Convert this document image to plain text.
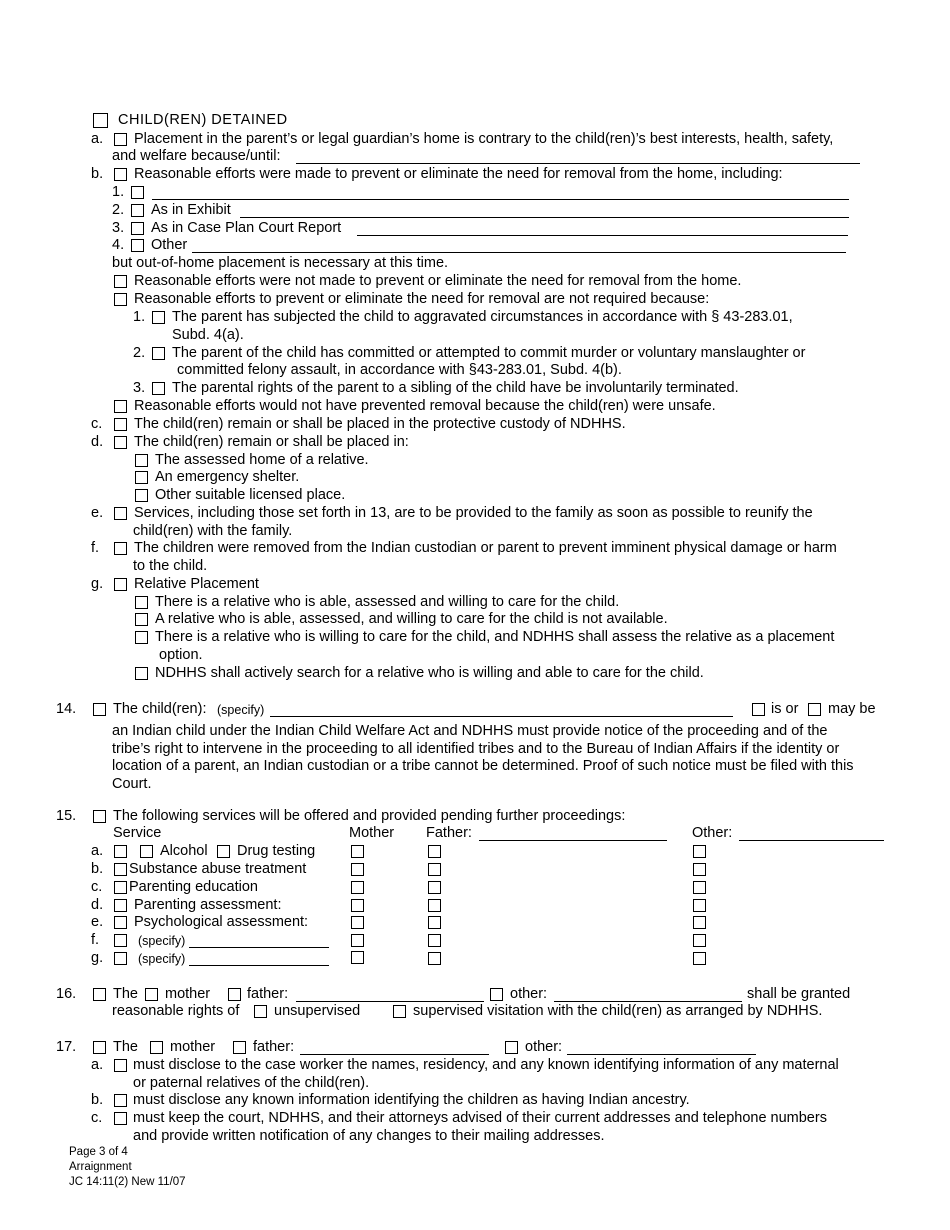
CHILD(REN) DETAINED
a. Placement in the parent’s or legal guardian’s home is contrary to the child(ren)’s best interests, health, safety,
and welfare because/until:
b. Reasonable efforts were made to prevent or eliminate the need for removal from the home, including:
1.
2. As in Exhibit
3. As in Case Plan Court Report
4. Other
but out-of-home placement is necessary at this time.
Reasonable efforts were not made to prevent or eliminate the need for removal from the home.
Reasonable efforts to prevent or eliminate the need for removal are not required because:
1. The parent has subjected the child to aggravated circumstances in accordance with § 43-283.01,
Subd. 4(a).
2. The parent of the child has committed or attempted to commit murder or voluntary manslaughter or
committed felony assault, in accordance with §43-283.01, Subd. 4(b).
3. The parental rights of the parent to a sibling of the child have be involuntarily terminated.
Reasonable efforts would not have prevented removal because the child(ren) were unsafe.
c. The child(ren) remain or shall be placed in the protective custody of NDHHS.
d. The child(ren) remain or shall be placed in:
The assessed home of a relative.
An emergency shelter.
Other suitable licensed place.
e. Services, including those set forth in 13, are to be provided to the family as soon as possible to reunify the
child(ren) with the family.
f. The children were removed from the Indian custodian or parent to prevent imminent physical damage or harm
to the child.
g. Relative Placement
There is a relative who is able, assessed and willing to care for the child.
A relative who is able, assessed, and willing to care for the child is not available.
There is a relative who is willing to care for the child, and NDHHS shall assess the relative as a placement
option.
NDHHS shall actively search for a relative who is willing and able to care for the child.
14.	The child(ren): (specify)	is or may be
an Indian child under the Indian Child Welfare Act and NDHHS must provide notice of the proceeding and of the
tribe’s right to intervene in the proceeding to all identified tribes and to the Bureau of Indian Affairs if the identity or
location of a parent, an Indian custodian or a tribe cannot be determined. Proof of such notice must be filed with this
Court.
15.	The following services will be offered and provided pending further proceedings:
Service	Mother Father:	Other:
a.	Alcohol Drug testing
b. Substance abuse treatment
c. Parenting education
d. Parenting assessment:
e. Psychological assessment:
f.	(specify)
g.	(specify)
16.	The mother	father:	other:	shall be granted
reasonable rights of unsupervised	supervised visitation with the child(ren) as arranged by NDHHS.
17.	The mother	father:	other:
a. must disclose to the case worker the names, residency, and any known identifying information of any maternal
or paternal relatives of the child(ren).
b. must disclose any known information identifying the children as having Indian ancestry.
c. must keep the court, NDHHS, and their attorneys advised of their current addresses and telephone numbers
and provide written notification of any changes to their mailing addresses.
Page 3 of 4
Arraignment
JC 14:11(2) New 11/07
